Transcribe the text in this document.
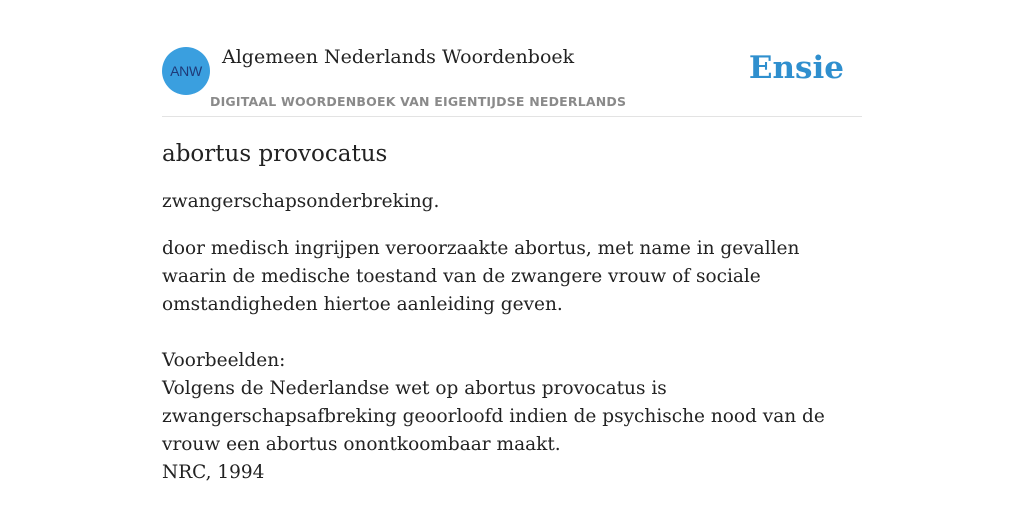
ANW
Algemeen Nederlands Woordenboek
DIGITAAL WOORDENBOEK VAN EIGENTIJDSE NEDERLANDS
Ensie
abortus provocatus

zwangerschapsonderbreking.

door medisch ingrijpen veroorzaakte abortus, met name in gevallen waarin de medische toestand van de zwangere vrouw of sociale omstandigheden hiertoe aanleiding geven.

Voorbeelden:
Volgens de Nederlandse wet op abortus provocatus is zwangerschapsafbreking geoorloofd indien de psychische nood van de vrouw een abortus onontkoombaar maakt.
NRC, 1994
